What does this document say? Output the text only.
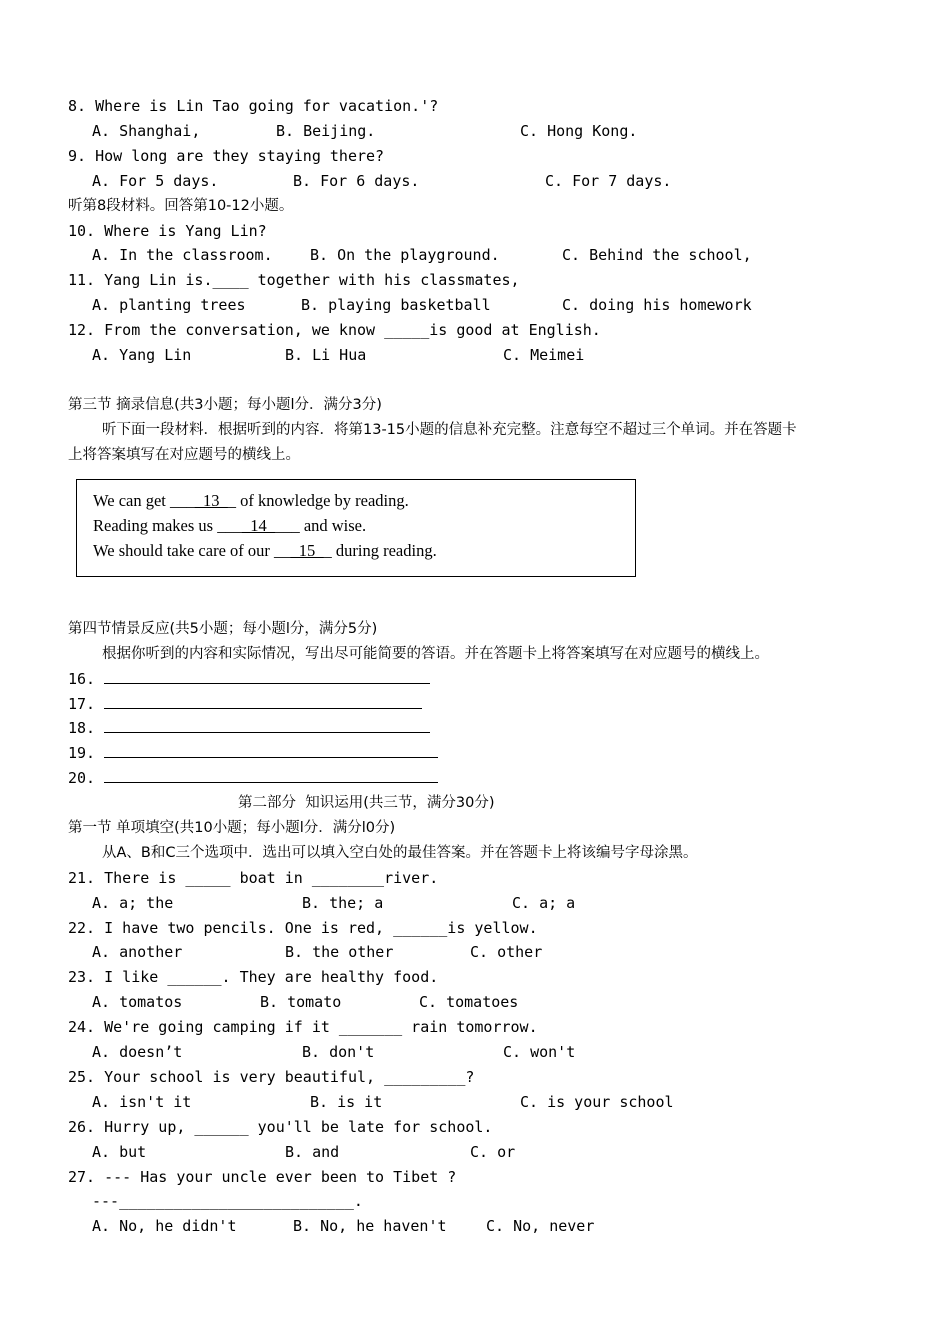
8. Where is Lin Tao going for vacation.'?
A. Shanghai,	B. Beijing.	C. Hong Kong.
9. How long are they staying there?
A. For 5 days.	B. For 6 days.	C. For 7 days.
听第8段材料。回答第10-12小题。
10. Where is Yang Lin?
A. In the classroom. B. On the playground.	C. Behind the school,
11. Yang Lin is.____ together with his classmates,
A. planting trees	B. playing basketball	C. doing his homework
12. From the conversation, we know _____is good at English.
A. Yang Lin	B. Li Hua	C. Meimei
第三节 摘录信息(共3小题；每小题l分．满分3分)
听下面一段材料．根据听到的内容．将第13-15小题的信息补充完整。注意每空不超过三个单词。并在答题卡
上将答案填写在对应题号的横线上。
We can get ____13__ of knowledge by reading.
Reading makes us ____14____ and wise.
We should take care of our ___15__ during reading.
第四节情景反应(共5小题；每小题l分，满分5分)
根据你听到的内容和实际情况，写出尽可能简要的答语。并在答题卡上将答案填写在对应题号的横线上。
16.
17.
18.
19.
20.
第二部分  知识运用(共三节，满分30分)
第一节 单项填空(共10小题；每小题l分．满分l0分)
从A、B和C三个选项中．选出可以填入空白处的最佳答案。并在答题卡上将该编号字母涂黑。
21. There is _____ boat in ________river.
A. a; the	B. the; a	C. a; a
22. I have two pencils. One is red, ______is yellow.
A. another	B. the other	C. other
23. I like ______. They are healthy food.
A. tomatos	B. tomato	C. tomatoes
24. We're going camping if it _______ rain tomorrow.
A. doesn’t	B. don't	C. won't
25. Your school is very beautiful, _________?
A. isn't it	B. is it	C. is your school
26. Hurry up, ______ you'll be late for school.
A. but	B. and	C. or
27. --- Has your uncle ever been to Tibet ?
---__________________________.
A. No, he didn't	B. No, he haven't	C. No, never
